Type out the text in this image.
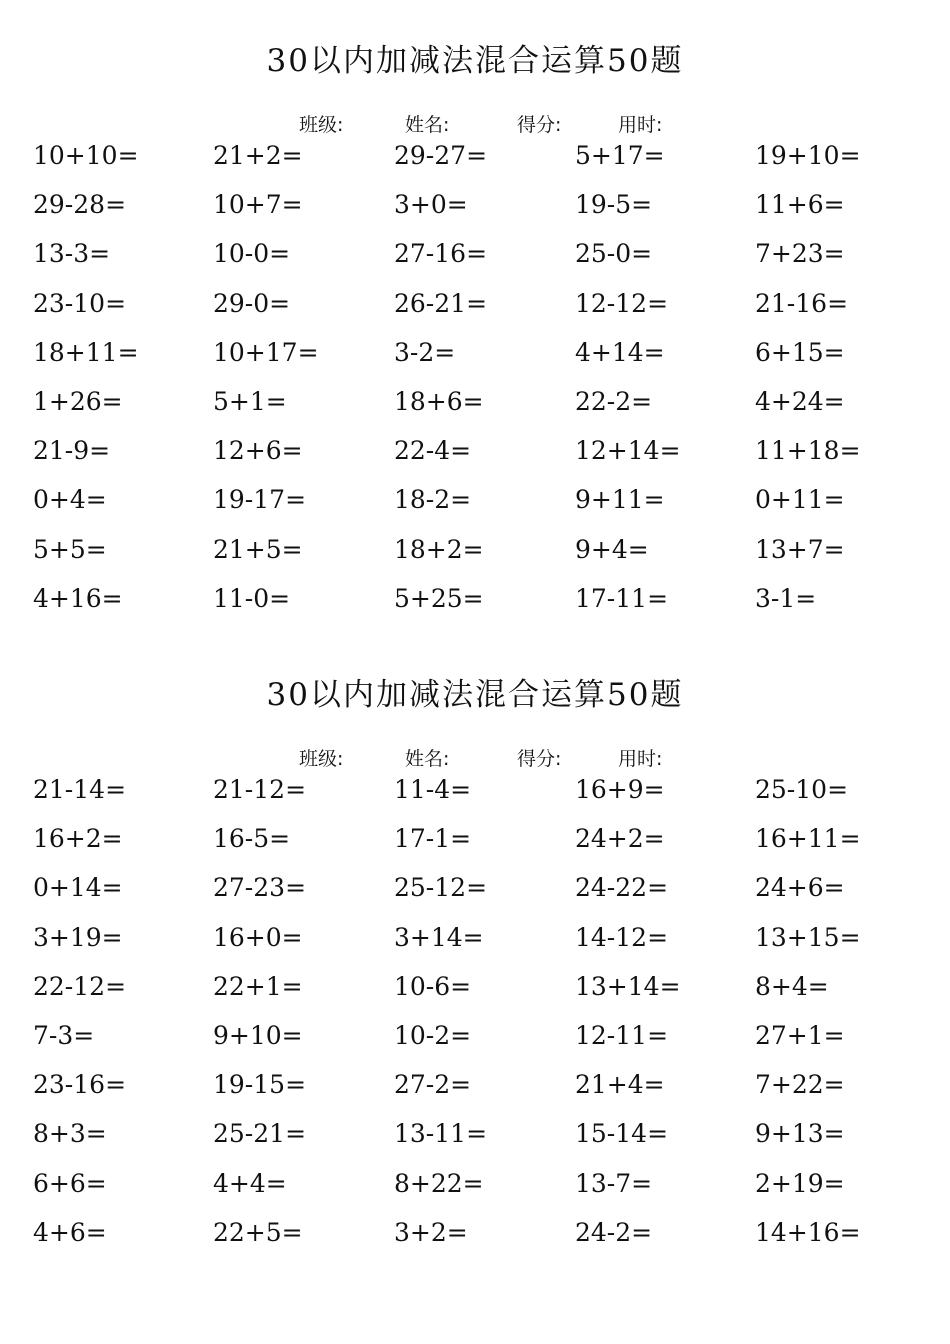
30以内加减法混合运算50题
班级:	姓名:	得分:	用时:
10+10=	21+2=	29-27=	5+17=	19+10=
29-28=	10+7=	3+0=	19-5=	11+6=
13-3=	10-0=	27-16=	25-0=	7+23=
23-10=	29-0=	26-21=	12-12=	21-16=
18+11=	10+17=	3-2=	4+14=	6+15=
1+26=	5+1=	18+6=	22-2=	4+24=
21-9=	12+6=	22-4=	12+14=	11+18=
0+4=	19-17=	18-2=	9+11=	0+11=
5+5=	21+5=	18+2=	9+4=	13+7=
4+16=	11-0=	5+25=	17-11=	3-1=
30以内加减法混合运算50题
班级:	姓名:	得分:	用时:
21-14=	21-12=	11-4=	16+9=	25-10=
16+2=	16-5=	17-1=	24+2=	16+11=
0+14=	27-23=	25-12=	24-22=	24+6=
3+19=	16+0=	3+14=	14-12=	13+15=
22-12=	22+1=	10-6=	13+14=	8+4=
7-3=	9+10=	10-2=	12-11=	27+1=
23-16=	19-15=	27-2=	21+4=	7+22=
8+3=	25-21=	13-11=	15-14=	9+13=
6+6=	4+4=	8+22=	13-7=	2+19=
4+6=	22+5=	3+2=	24-2=	14+16=
